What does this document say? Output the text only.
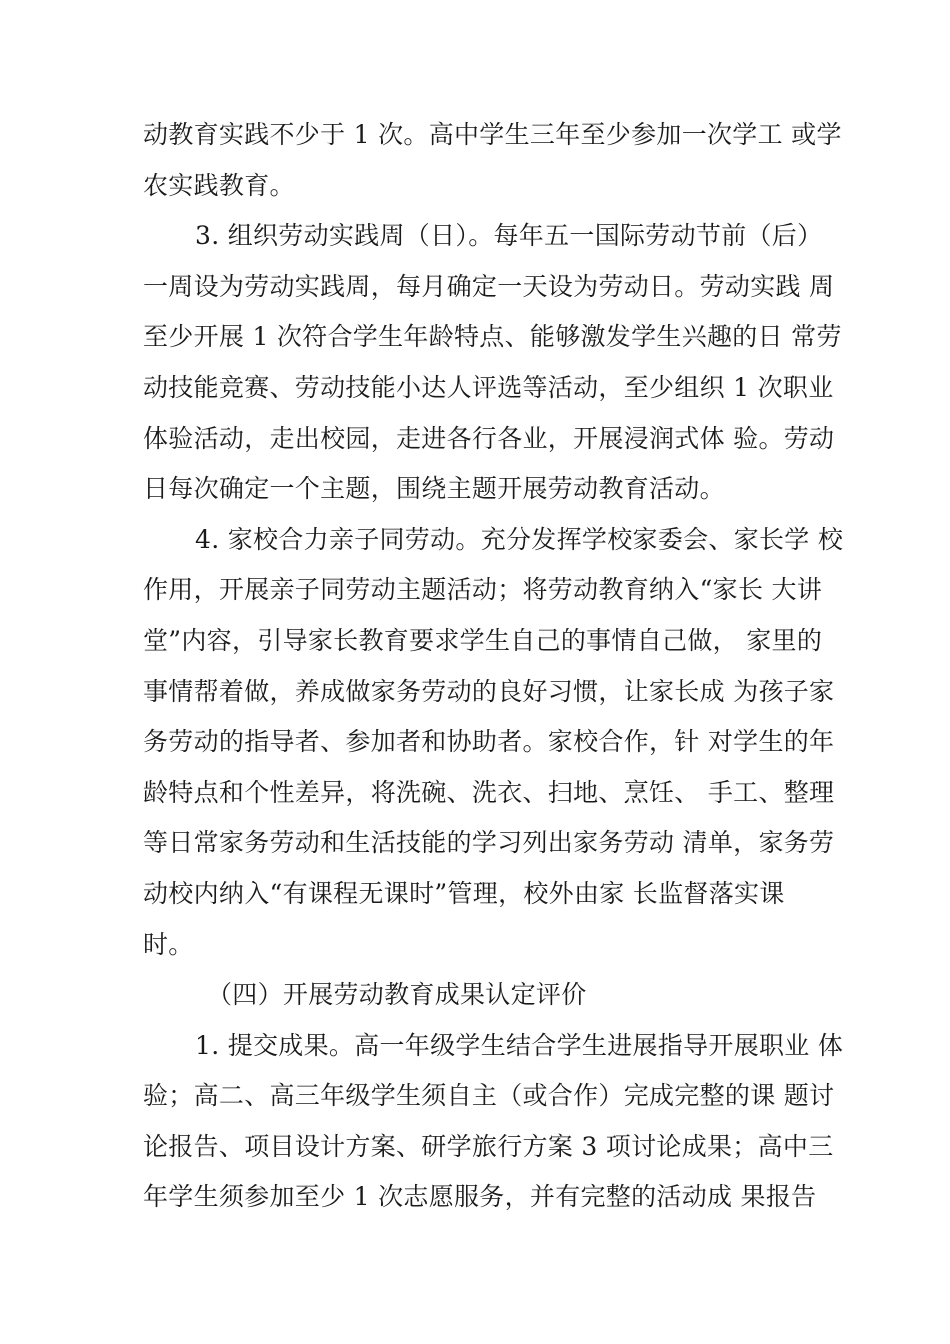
动教育实践不少于 1 次。高中学生三年至少参加一次学工 或学
农实践教育。
3. 组织劳动实践周（日）。每年五一国际劳动节前（后）
一周设为劳动实践周，每月确定一天设为劳动日。劳动实践 周
至少开展 1 次符合学生年龄特点、能够激发学生兴趣的日 常劳
动技能竞赛、劳动技能小达人评选等活动，至少组织 1 次职业
体验活动，走出校园，走进各行各业，开展浸润式体 验。劳动
日每次确定一个主题，围绕主题开展劳动教育活动。
4. 家校合力亲子同劳动。充分发挥学校家委会、家长学 校
作用，开展亲子同劳动主题活动；将劳动教育纳入“家长 大讲
堂”内容，引导家长教育要求学生自己的事情自己做， 家里的
事情帮着做，养成做家务劳动的良好习惯，让家长成 为孩子家
务劳动的指导者、参加者和协助者。家校合作，针 对学生的年
龄特点和个性差异，将洗碗、洗衣、扫地、烹饪、 手工、整理
等日常家务劳动和生活技能的学习列出家务劳动 清单，家务劳
动校内纳入“有课程无课时”管理，校外由家 长监督落实课
时。
（四）开展劳动教育成果认定评价
1. 提交成果。高一年级学生结合学生进展指导开展职业 体
验；高二、高三年级学生须自主（或合作）完成完整的课 题讨
论报告、项目设计方案、研学旅行方案 3 项讨论成果；高中三
年学生须参加至少 1 次志愿服务，并有完整的活动成 果报告
